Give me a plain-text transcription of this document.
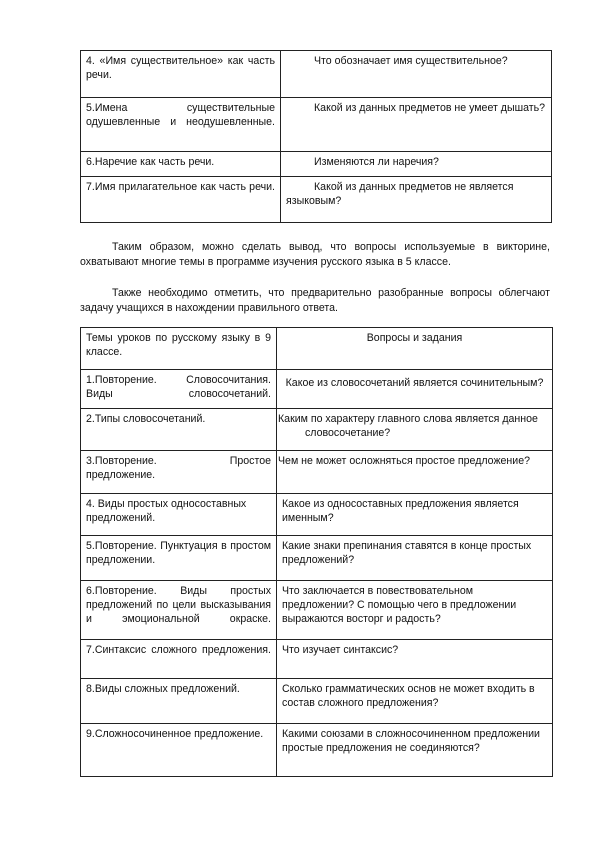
4. «Имя существительное» как часть речи.	Что обозначает имя существительное?
5.Имена существительные одушевленные и неодушевленные.	Какой из данных предметов не умеет дышать?
6.Наречие как часть речи.	Изменяются ли наречия?
7.Имя прилагательное как часть речи.	Какой из данных предметов не является языковым?

Таким образом, можно сделать вывод, что вопросы используемые в викторине, охватывают многие темы в программе изучения русского языка в 5 классе.

Также необходимо отметить, что предварительно разобранные вопросы облегчают задачу учащихся в нахождении правильного ответа.

Темы уроков по русскому языку в 9 классе.	Вопросы и задания
1.Повторение. Словосочитания. Виды словосочетаний.	Какое из словосочетаний является сочинительным?
2.Типы словосочетаний.	Каким по характеру главного слова является данное словосочетание?
3.Повторение. Простое предложение.	Чем не может осложняться простое предложение?
4. Виды простых односоставных предложений.	Какое из односоставных предложения является именным?
5.Повторение. Пунктуация в простом предложении.	Какие знаки препинания ставятся в конце простых предложений?
6.Повторение. Виды простых предложений по цели высказывания и эмоциональной окраске.	Что заключается в повествовательном предложении? С помощью чего в предложении выражаются восторг и радость?
7.Синтаксис сложного предложения.	Что изучает синтаксис?
8.Виды сложных предложений.	Сколько грамматических основ не может входить в состав сложного предложения?
9.Сложносочиненное предложение.	Какими союзами в сложносочиненном предложении простые предложения не соединяются?
